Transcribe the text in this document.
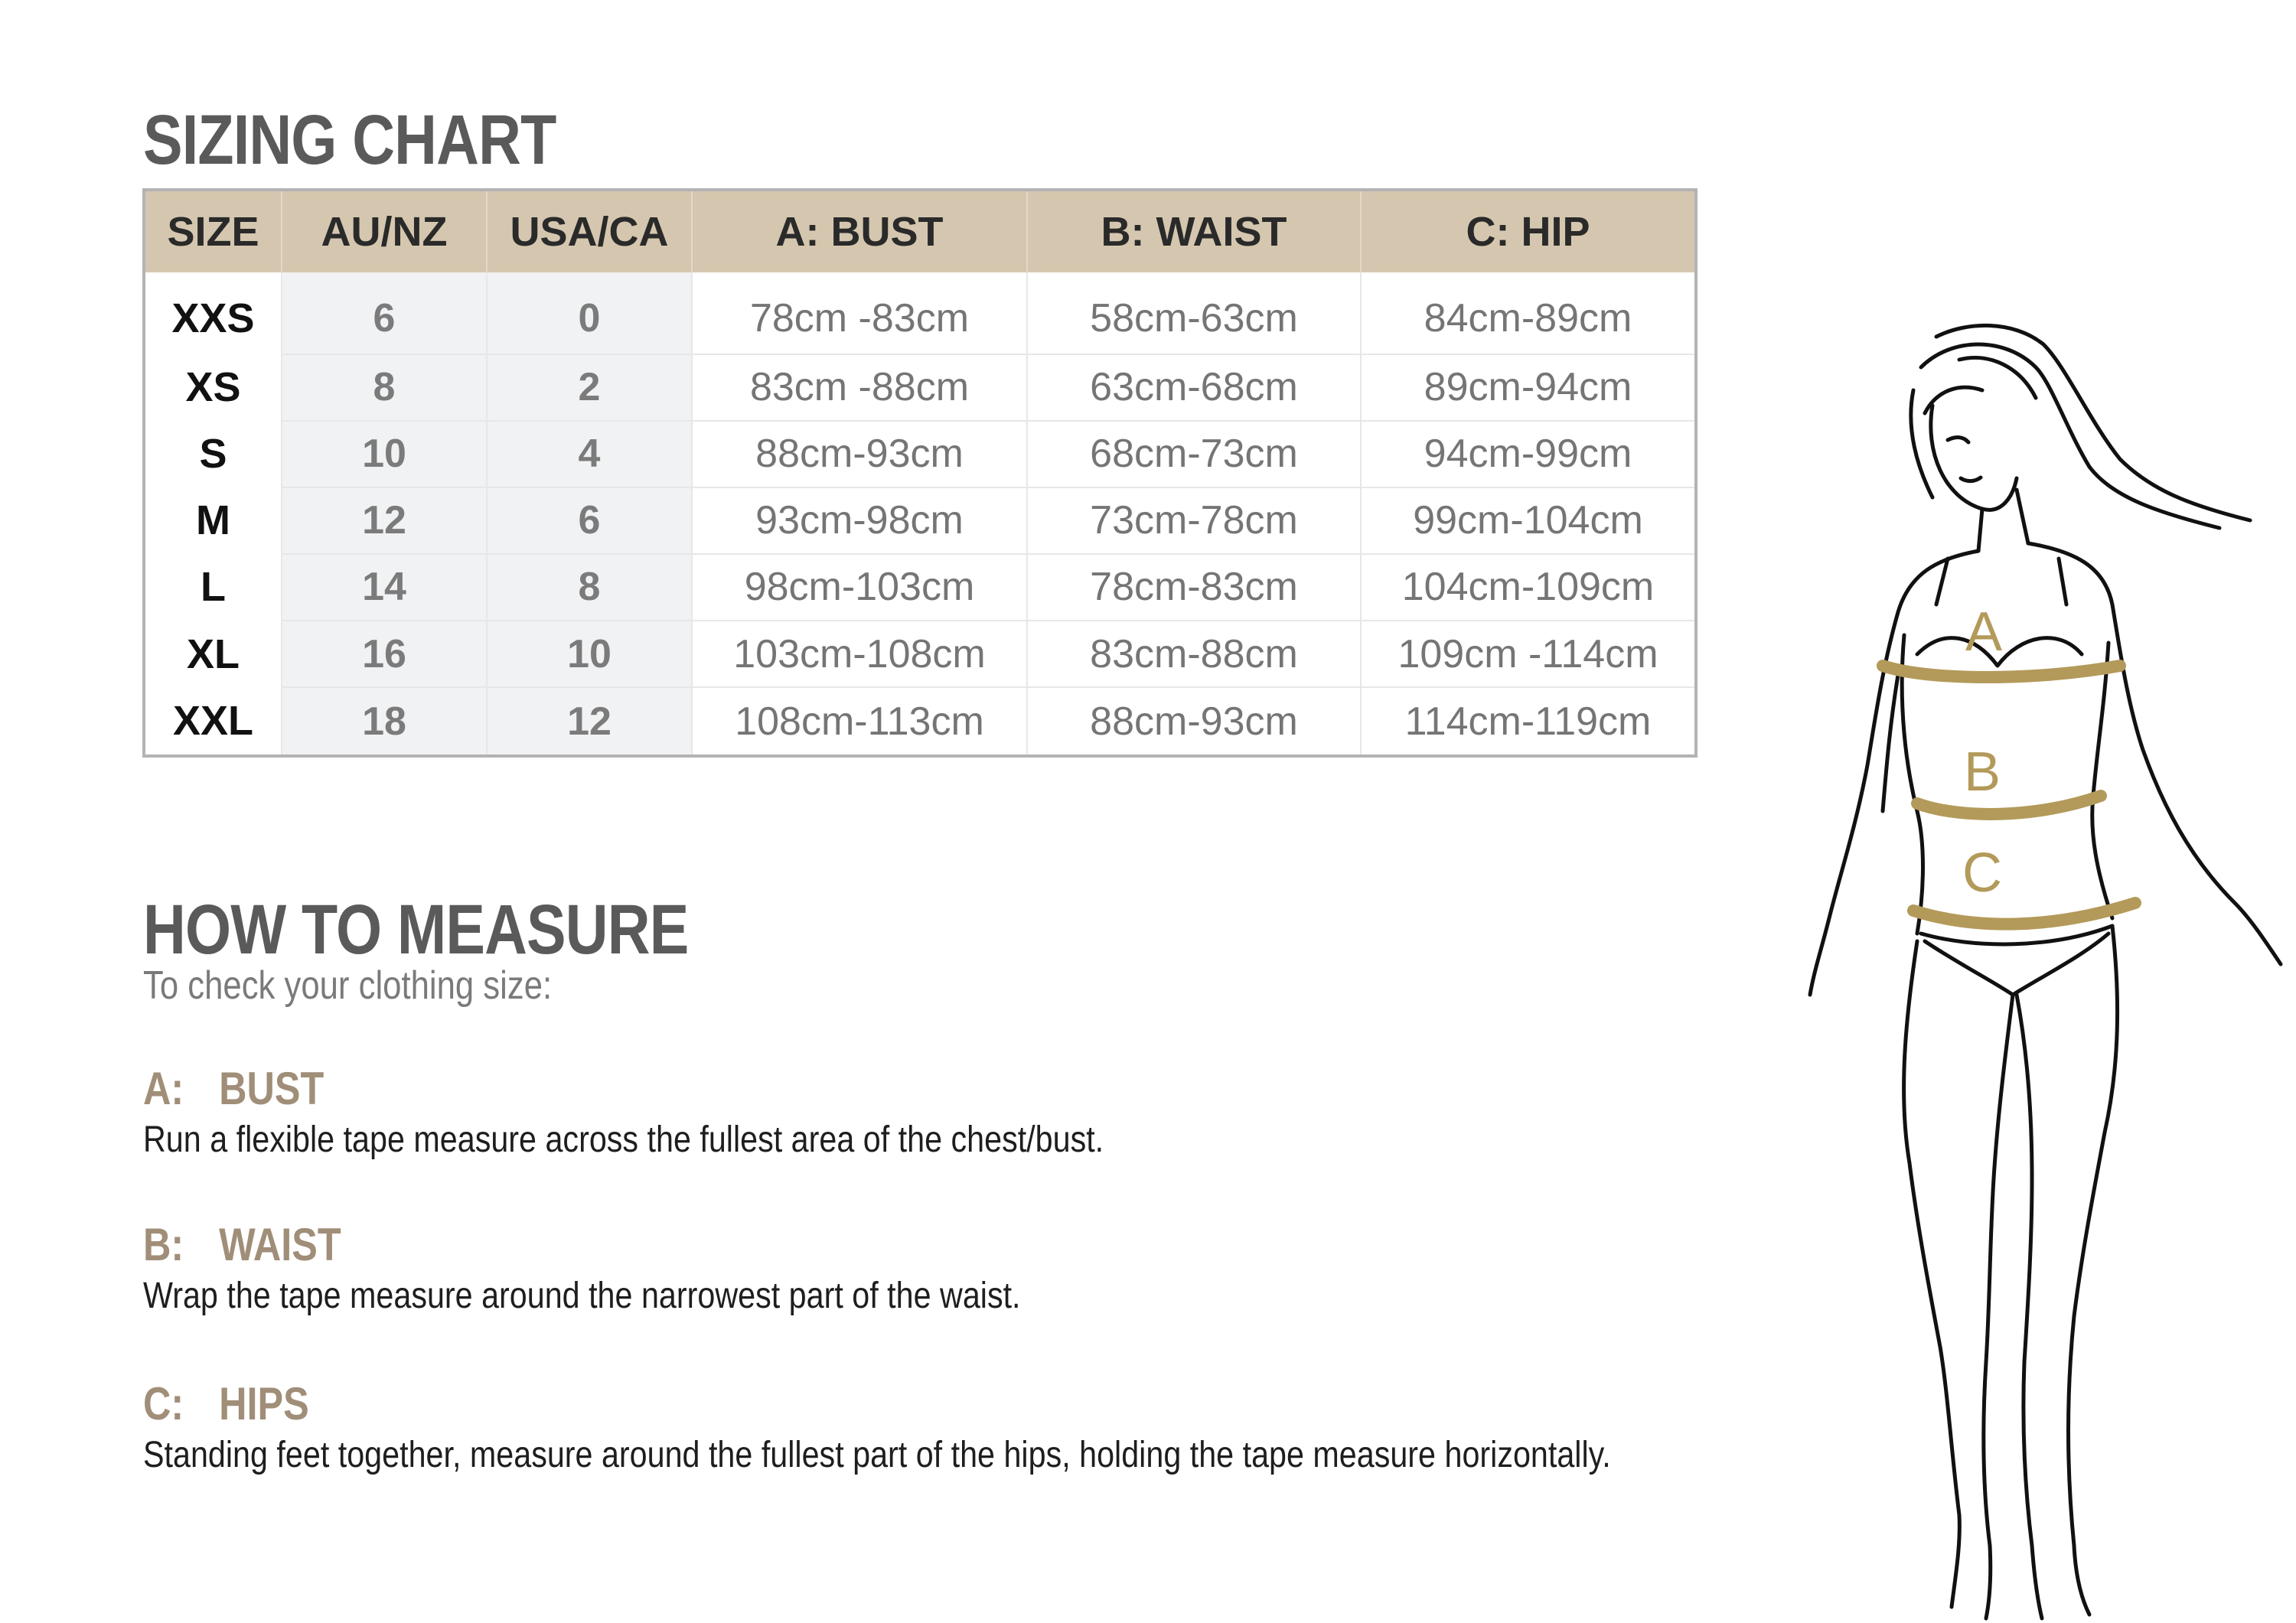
SIZING CHART
SIZE	AU/NZ	USA/CA	A: BUST	B: WAIST	C: HIP
XXS	6	0	78cm -83cm	58cm-63cm	84cm-89cm
XS	8	2	83cm -88cm	63cm-68cm	89cm-94cm
S	10	4	88cm-93cm	68cm-73cm	94cm-99cm
M	12	6	93cm-98cm	73cm-78cm	99cm-104cm
L	14	8	98cm-103cm	78cm-83cm	104cm-109cm
XL	16	10	103cm-108cm	83cm-88cm	109cm -114cm
XXL	18	12	108cm-113cm	88cm-93cm	114cm-119cm
HOW TO MEASURE

To check your clothing size:

A: BUST

Run a flexible tape measure across the fullest area of the chest/bust.

B: WAIST

Wrap the tape measure around the narrowest part of the waist.

C: HIPS

Standing feet together, measure around the fullest part of the hips, holding the tape measure horizontally.

A
B
C
